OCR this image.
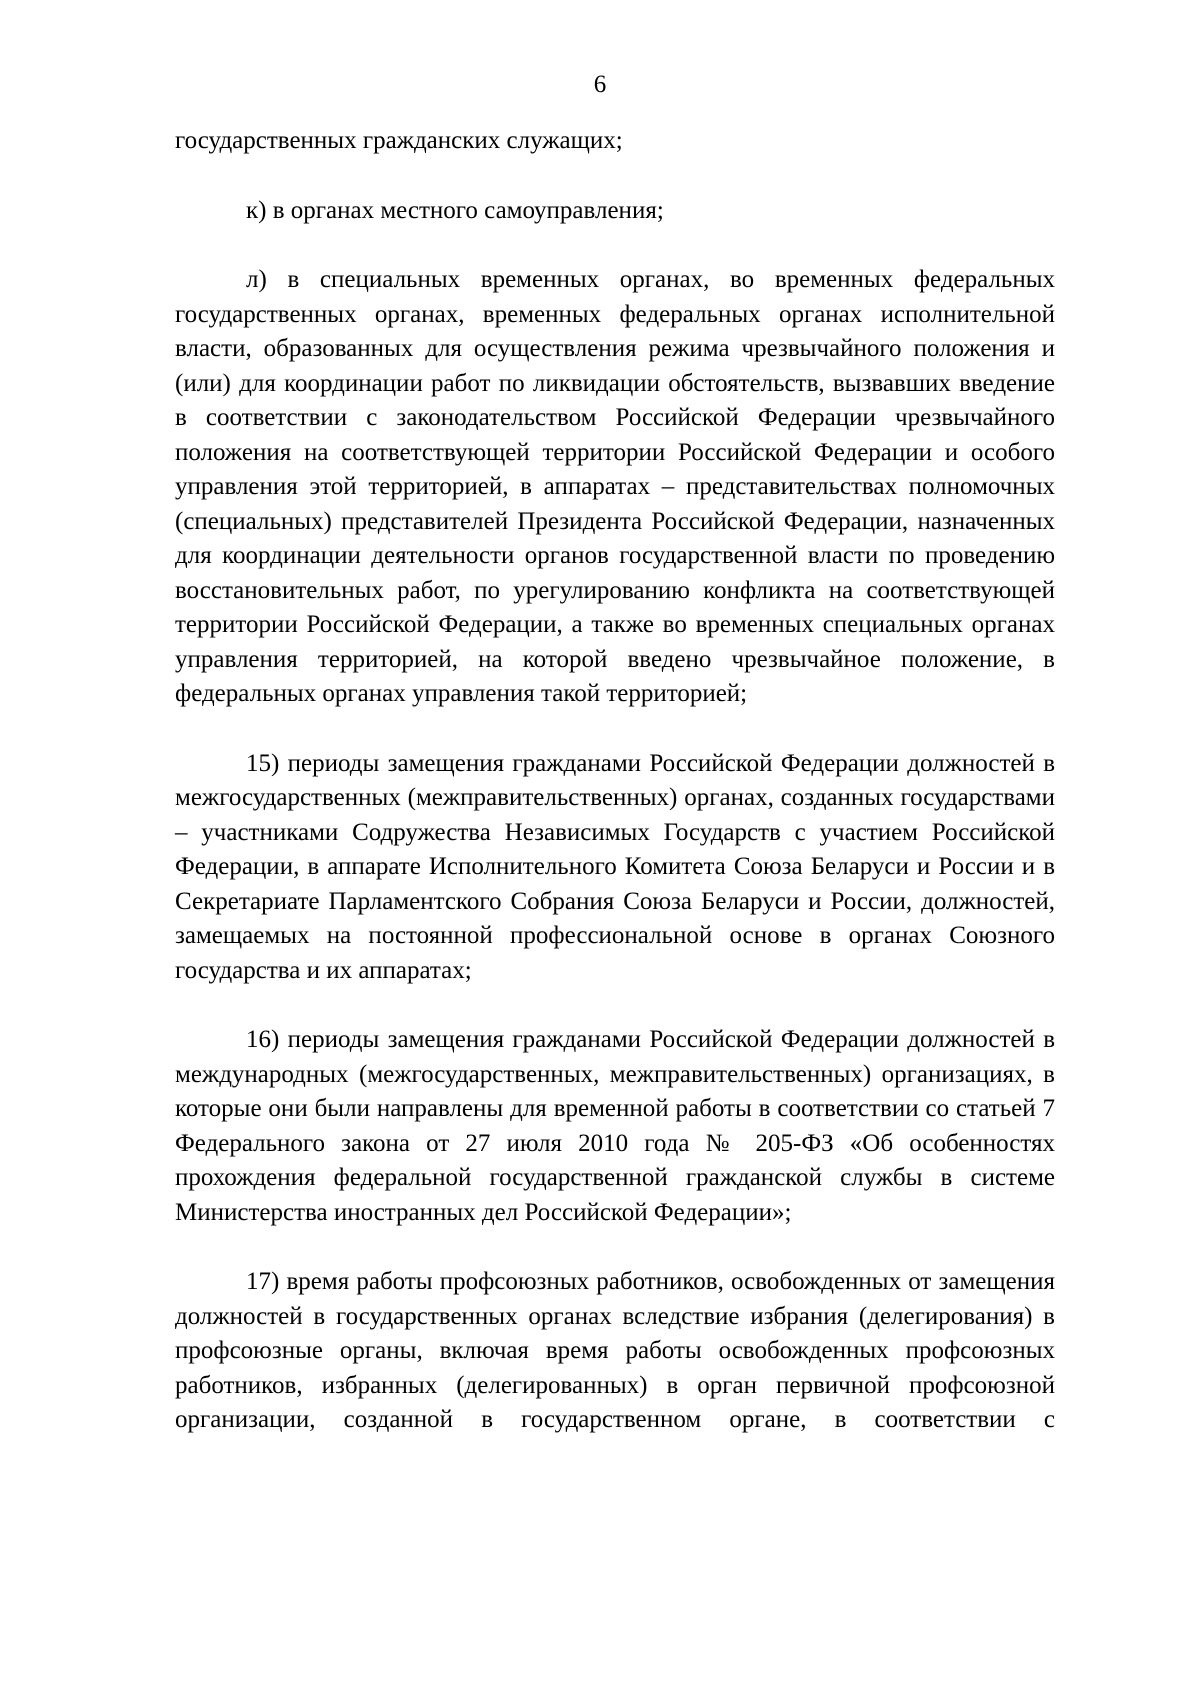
6

государственных гражданских служащих;

к) в органах местного самоуправления;

л) в специальных временных органах, во временных федеральных государственных органах, временных федеральных органах исполнительной власти, образованных для осуществления режима чрезвычайного положения и (или) для координации работ по ликвидации обстоятельств, вызвавших введение в соответствии с законодательством Российской Федерации чрезвычайного положения на соответствующей территории Российской Федерации и особого управления этой территорией, в аппаратах – представительствах полномочных (специальных) представителей Президента Российской Федерации, назначенных для координации деятельности органов государственной власти по проведению восстановительных работ, по урегулированию конфликта на соответствующей территории Российской Федерации, а также во временных специальных органах управления территорией, на которой введено чрезвычайное положение, в федеральных органах управления такой территорией;

15) периоды замещения гражданами Российской Федерации должностей в межгосударственных (межправительственных) органах, созданных государствами – участниками Содружества Независимых Государств с участием Российской Федерации, в аппарате Исполнительного Комитета Союза Беларуси и России и в Секретариате Парламентского Собрания Союза Беларуси и России, должностей, замещаемых на постоянной профессиональной основе в органах Союзного государства и их аппаратах;

16) периоды замещения гражданами Российской Федерации должностей в международных (межгосударственных, межправительственных) организациях, в которые они были направлены для временной работы в соответствии со статьей 7 Федерального закона от 27 июля 2010 года № 205-ФЗ «Об особенностях прохождения федеральной государственной гражданской службы в системе Министерства иностранных дел Российской Федерации»;

17) время работы профсоюзных работников, освобожденных от замещения должностей в государственных органах вследствие избрания (делегирования) в профсоюзные органы, включая время работы освобожденных профсоюзных работников, избранных (делегированных) в орган первичной профсоюзной организации, созданной в государственном органе, в соответствии с
